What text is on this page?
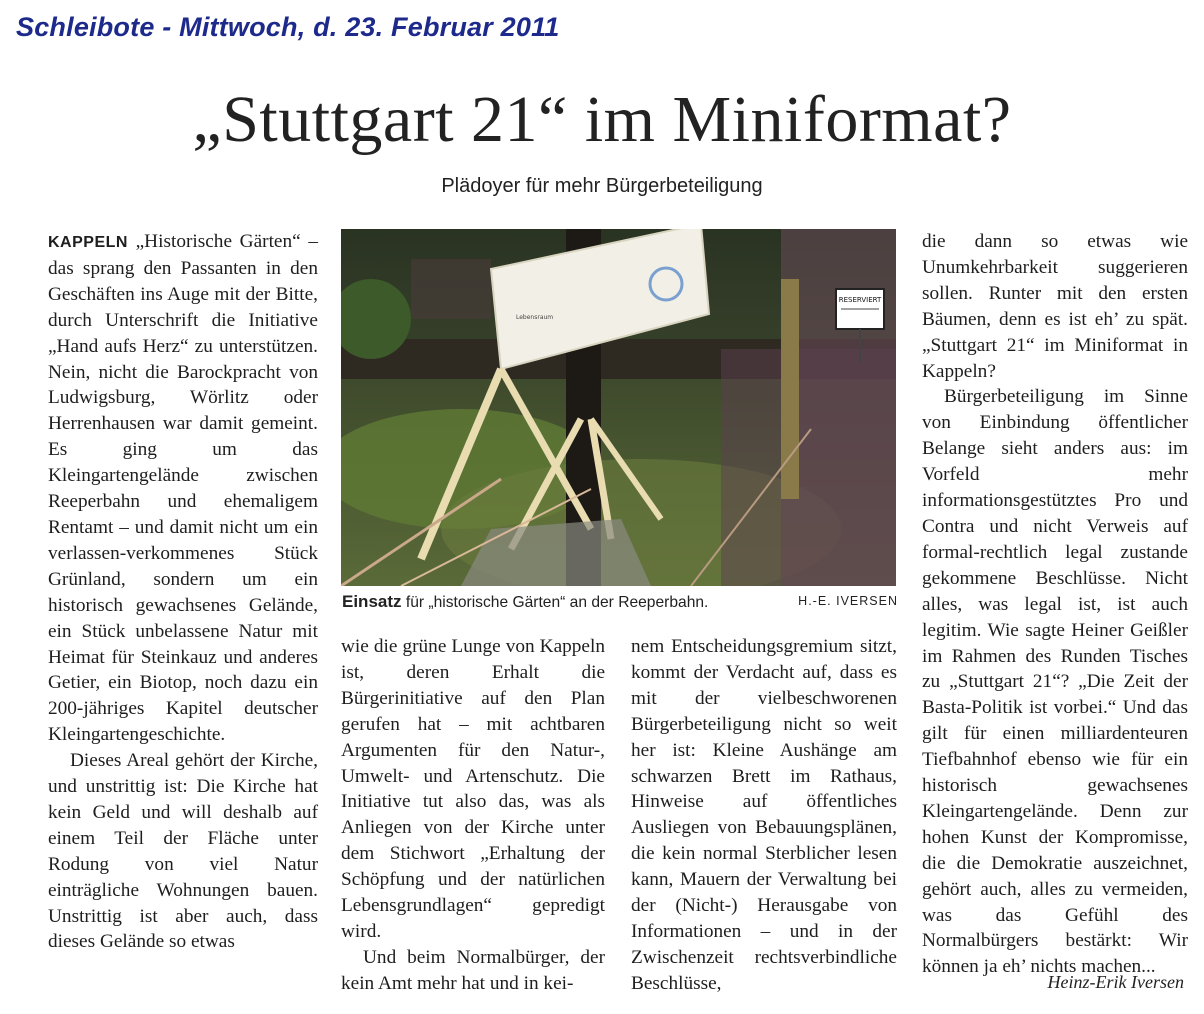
Schleibote - Mittwoch, d. 23. Februar 2011
„Stuttgart 21“ im Miniformat?
Plädoyer für mehr Bürgerbeteiligung

KAPPELN „Historische Gärten“ – das sprang den Passanten in den Geschäften ins Auge mit der Bitte, durch Unterschrift die Initiative „Hand aufs Herz“ zu unterstützen. Nein, nicht die Barockpracht von Ludwigsburg, Wörlitz oder Herrenhausen war damit gemeint. Es ging um das Kleingartengelände zwischen Reeperbahn und ehemaligem Rentamt – und damit nicht um ein verlassen-verkommenes Stück Grünland, sondern um ein historisch gewachsenes Gelände, ein Stück unbelassene Natur mit Heimat für Steinkauz und anderes Getier, ein Biotop, noch dazu ein 200-jähriges Kapitel deutscher Kleingartengeschichte.

Dieses Areal gehört der Kirche, und unstrittig ist: Die Kirche hat kein Geld und will deshalb auf einem Teil der Fläche unter Rodung von viel Natur einträgliche Wohnungen bauen. Unstrittig ist aber auch, dass dieses Gelände so etwas

RESERVIERT
Lebensraum
Einsatz für „historische Gärten“ an der Reeperbahn.	H.-E. IVERSEN

wie die grüne Lunge von Kappeln ist, deren Erhalt die Bürgerinitiative auf den Plan gerufen hat – mit achtbaren Argumenten für den Natur-, Umwelt- und Artenschutz. Die Initiative tut also das, was als Anliegen von der Kirche unter dem Stichwort „Erhaltung der Schöpfung und der natürlichen Lebensgrundlagen“ gepredigt wird.

Und beim Normalbürger, der kein Amt mehr hat und in kei-

nem Entscheidungsgremium sitzt, kommt der Verdacht auf, dass es mit der vielbeschworenen Bürgerbeteiligung nicht so weit her ist: Kleine Aushänge am schwarzen Brett im Rathaus, Hinweise auf öffentliches Ausliegen von Bebauungsplänen, die kein normal Sterblicher lesen kann, Mauern der Verwaltung bei der (Nicht-) Herausgabe von Informationen – und in der Zwischenzeit rechtsverbindliche Beschlüsse,

die dann so etwas wie Unumkehrbarkeit suggerieren sollen. Runter mit den ersten Bäumen, denn es ist eh’ zu spät. „Stuttgart 21“ im Miniformat in Kappeln?

Bürgerbeteiligung im Sinne von Einbindung öffentlicher Belange sieht anders aus: im Vorfeld mehr informationsgestütztes Pro und Contra und nicht Verweis auf formal-rechtlich legal zustande gekommene Beschlüsse. Nicht alles, was legal ist, ist auch legitim. Wie sagte Heiner Geißler im Rahmen des Runden Tisches zu „Stuttgart 21“? „Die Zeit der Basta-Politik ist vorbei.“ Und das gilt für einen milliardenteuren Tiefbahnhof ebenso wie für ein historisch gewachsenes Kleingartengelände. Denn zur hohen Kunst der Kompromisse, die die Demokratie auszeichnet, gehört auch, alles zu vermeiden, was das Gefühl des Normalbürgers bestärkt: Wir können ja eh’ nichts machen...

Heinz-Erik Iversen
